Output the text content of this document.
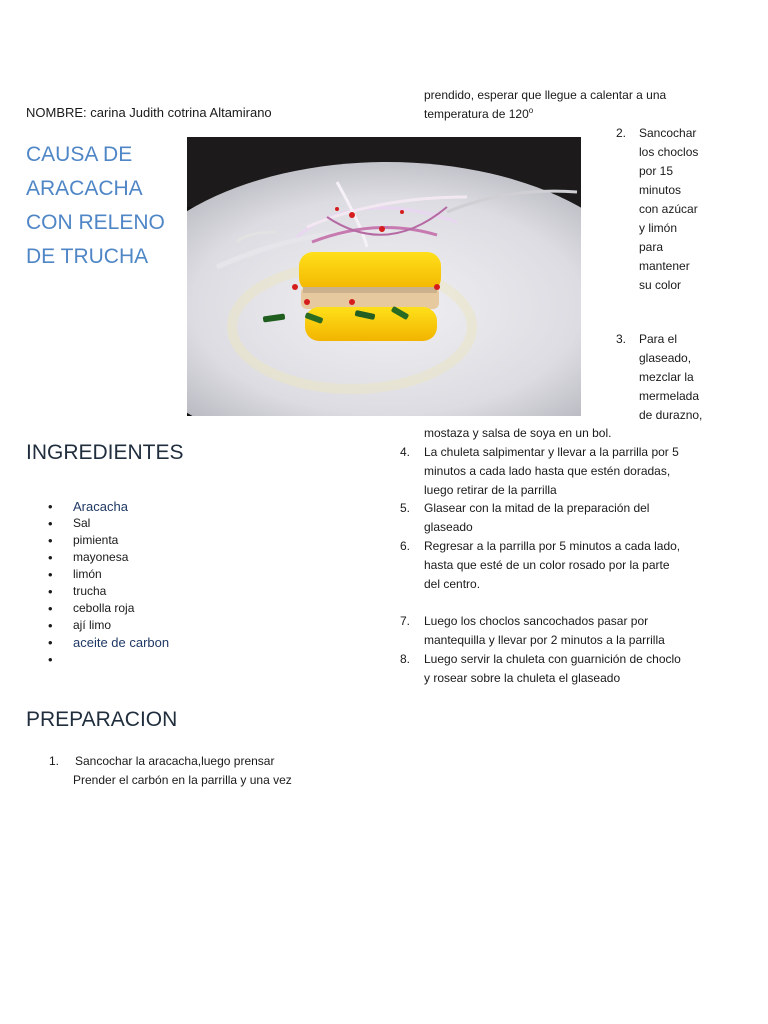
NOMBRE: carina Judith cotrina Altamirano
CAUSA DE
ARACACHA
CON RELENO
DE TRUCHA
INGREDIENTES
• Aracacha
• Sal
• pimienta
• mayonesa
• limón
• trucha
• cebolla roja
• ají limo
• aceite de carbon
•
PREPARACION
1. Sancochar la aracacha,luego prensar
Prender el carbón en la parrilla y una vez
prendido, esperar que llegue a calentar a una
temperatura de 120$^o$
2. Sancochar
los choclos
por 15
minutos
con azúcar
y limón
para
mantener
su color
3. Para el
glaseado,
mezclar la
mermelada
de durazno,
mostaza y salsa de soya en un bol.
4. La chuleta salpimentar y llevar a la parrilla por 5
minutos a cada lado hasta que estén doradas,
luego retirar de la parrilla
5. Glasear con la mitad de la preparación del
glaseado
6. Regresar a la parrilla por 5 minutos a cada lado,
hasta que esté de un color rosado por la parte
del centro.
7. Luego los choclos sancochados pasar por
mantequilla y llevar por 2 minutos a la parrilla
8. Luego servir la chuleta con guarnición de choclo
y rosear sobre la chuleta el glaseado
